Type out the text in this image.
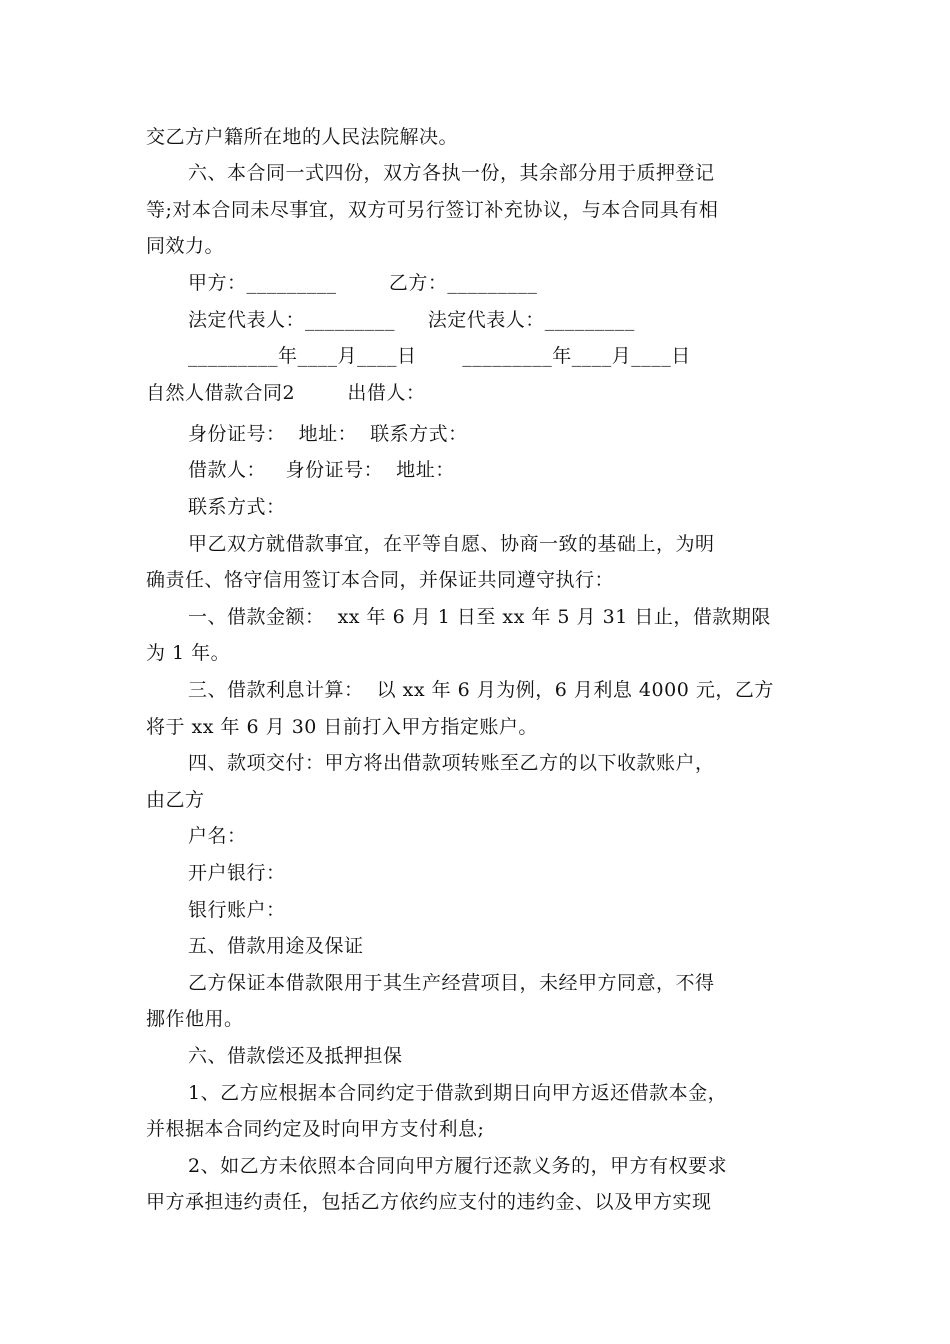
交乙方户籍所在地的人民法院解决。
六、本合同一式四份，双方各执一份，其余部分用于质押登记
等;对本合同未尽事宜，双方可另行签订补充协议，与本合同具有相
同效力。
甲方：_________        乙方：_________
法定代表人：_________     法定代表人：_________
_________年____月____日       _________年____月____日
自然人借款合同2        出借人：
身份证号：  地址：  联系方式：
借款人：   身份证号：  地址：
联系方式：
甲乙双方就借款事宜，在平等自愿、协商一致的基础上，为明
确责任、恪守信用签订本合同，并保证共同遵守执行：
一、借款金额：  xx 年 6 月 1 日至 xx 年 5 月 31 日止，借款期限
为 1 年。
三、借款利息计算：  以 xx 年 6 月为例，6 月利息 4000 元，乙方
将于 xx 年 6 月 30 日前打入甲方指定账户。
四、款项交付：甲方将出借款项转账至乙方的以下收款账户，
由乙方
户名：
开户银行：
银行账户：
五、借款用途及保证
乙方保证本借款限用于其生产经营项目，未经甲方同意，不得
挪作他用。
六、借款偿还及抵押担保
1、乙方应根据本合同约定于借款到期日向甲方返还借款本金，
并根据本合同约定及时向甲方支付利息;
2、如乙方未依照本合同向甲方履行还款义务的，甲方有权要求
甲方承担违约责任，包括乙方依约应支付的违约金、以及甲方实现
